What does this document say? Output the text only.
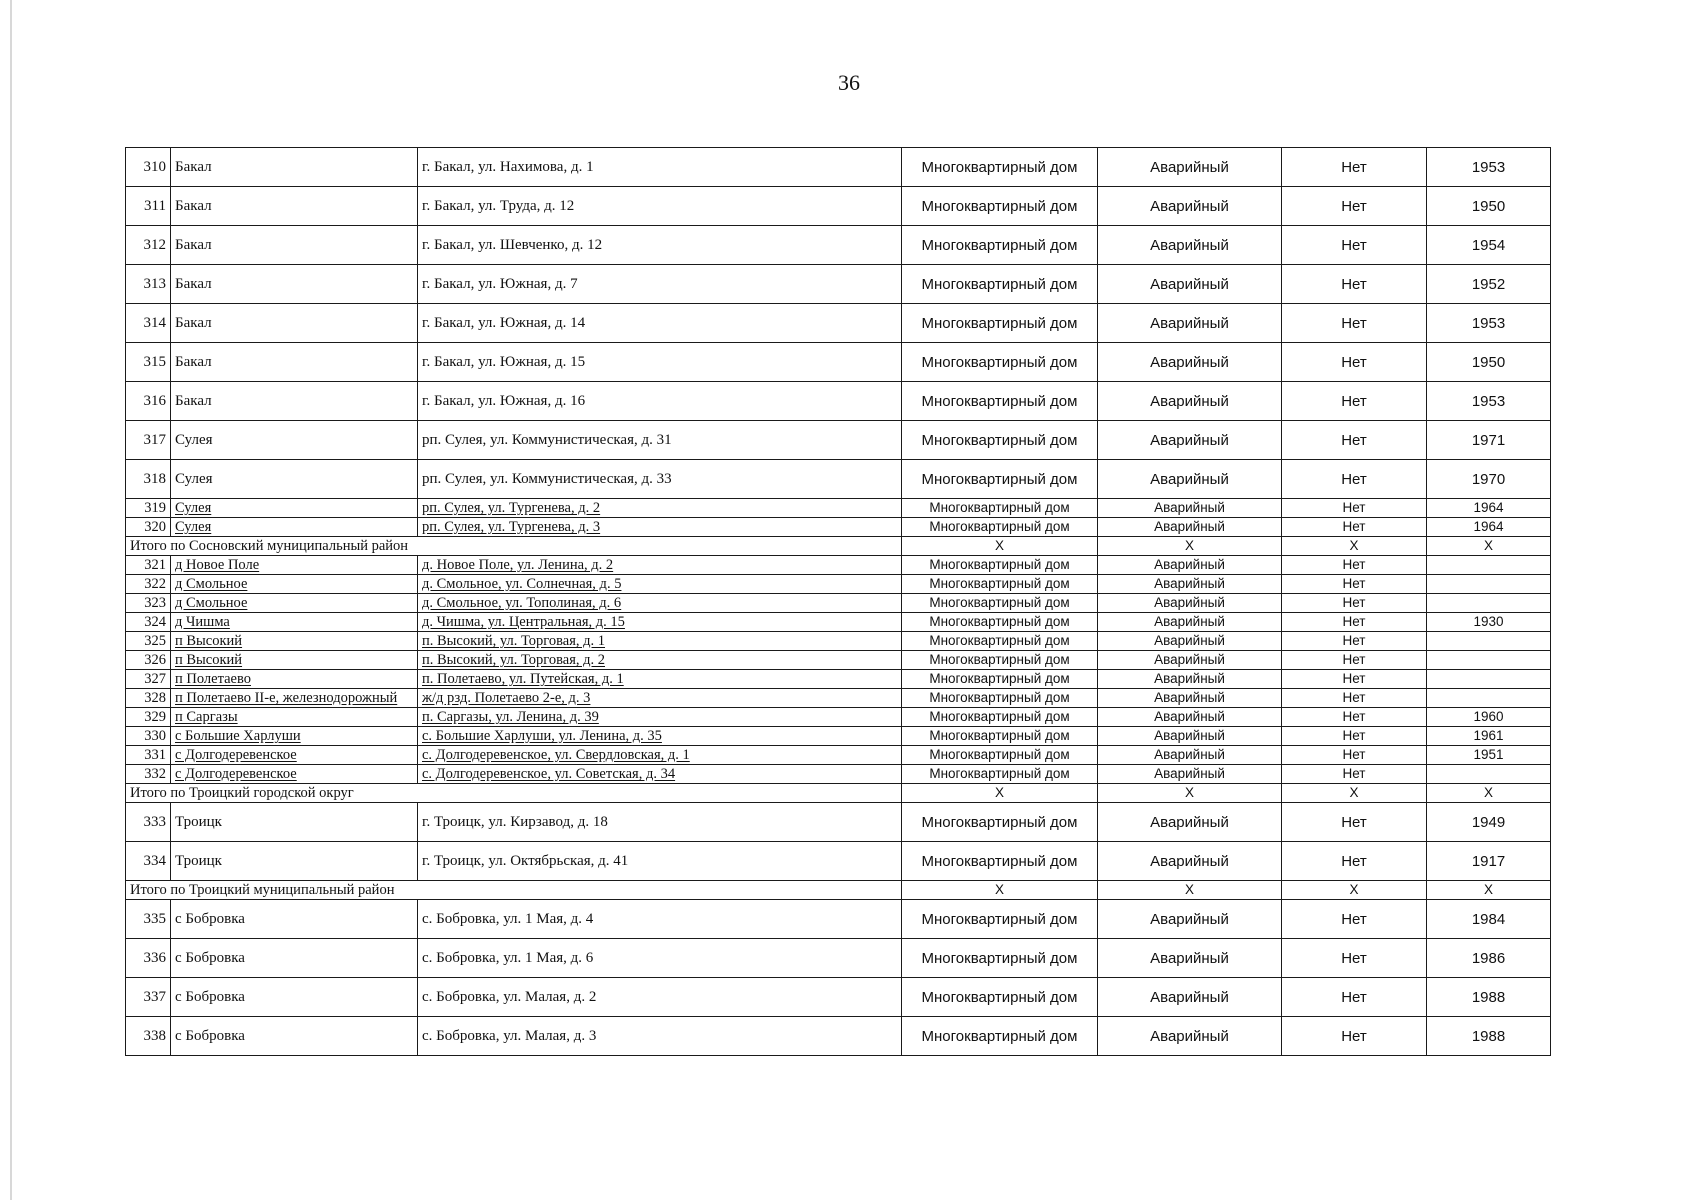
36
310	Бакал	г. Бакал, ул. Нахимова, д. 1	Многоквартирный дом	Аварийный	Нет	1953
311	Бакал	г. Бакал, ул. Труда, д. 12	Многоквартирный дом	Аварийный	Нет	1950
312	Бакал	г. Бакал, ул. Шевченко, д. 12	Многоквартирный дом	Аварийный	Нет	1954
313	Бакал	г. Бакал, ул. Южная, д. 7	Многоквартирный дом	Аварийный	Нет	1952
314	Бакал	г. Бакал, ул. Южная, д. 14	Многоквартирный дом	Аварийный	Нет	1953
315	Бакал	г. Бакал, ул. Южная, д. 15	Многоквартирный дом	Аварийный	Нет	1950
316	Бакал	г. Бакал, ул. Южная, д. 16	Многоквартирный дом	Аварийный	Нет	1953
317	Сулея	рп. Сулея, ул. Коммунистическая, д. 31	Многоквартирный дом	Аварийный	Нет	1971
318	Сулея	рп. Сулея, ул. Коммунистическая, д. 33	Многоквартирный дом	Аварийный	Нет	1970
319	Сулея	рп. Сулея, ул. Тургенева, д. 2	Многоквартирный дом	Аварийный	Нет	1964
320	Сулея	рп. Сулея, ул. Тургенева, д. 3	Многоквартирный дом	Аварийный	Нет	1964
Итого по Сосновский муниципальный район			X	X	X	X
321	д Новое Поле	д. Новое Поле, ул. Ленина, д. 2	Многоквартирный дом	Аварийный	Нет	
322	д Смольное	д. Смольное, ул. Солнечная, д. 5	Многоквартирный дом	Аварийный	Нет	
323	д Смольное	д. Смольное, ул. Тополиная, д. 6	Многоквартирный дом	Аварийный	Нет	
324	д Чишма	д. Чишма, ул. Центральная, д. 15	Многоквартирный дом	Аварийный	Нет	1930
325	п Высокий	п. Высокий, ул. Торговая, д. 1	Многоквартирный дом	Аварийный	Нет	
326	п Высокий	п. Высокий, ул. Торговая, д. 2	Многоквартирный дом	Аварийный	Нет	
327	п Полетаево	п. Полетаево, ул. Путейская, д. 1	Многоквартирный дом	Аварийный	Нет	
328	п Полетаево II-е, железнодорожный	ж/д рзд. Полетаево 2-е, д. 3	Многоквартирный дом	Аварийный	Нет	
329	п Саргазы	п. Саргазы, ул. Ленина, д. 39	Многоквартирный дом	Аварийный	Нет	1960
330	с Большие Харлуши	с. Большие Харлуши, ул. Ленина, д. 35	Многоквартирный дом	Аварийный	Нет	1961
331	с Долгодеревенское	с. Долгодеревенское, ул. Свердловская, д. 1	Многоквартирный дом	Аварийный	Нет	1951
332	с Долгодеревенское	с. Долгодеревенское, ул. Советская, д. 34	Многоквартирный дом	Аварийный	Нет	
Итого по Троицкий городской округ			X	X	X	X
333	Троицк	г. Троицк, ул. Кирзавод, д. 18	Многоквартирный дом	Аварийный	Нет	1949
334	Троицк	г. Троицк, ул. Октябрьская, д. 41	Многоквартирный дом	Аварийный	Нет	1917
Итого по Троицкий муниципальный район			X	X	X	X
335	с Бобровка	с. Бобровка, ул. 1 Мая, д. 4	Многоквартирный дом	Аварийный	Нет	1984
336	с Бобровка	с. Бобровка, ул. 1 Мая, д. 6	Многоквартирный дом	Аварийный	Нет	1986
337	с Бобровка	с. Бобровка, ул. Малая, д. 2	Многоквартирный дом	Аварийный	Нет	1988
338	с Бобровка	с. Бобровка, ул. Малая, д. 3	Многоквартирный дом	Аварийный	Нет	1988
